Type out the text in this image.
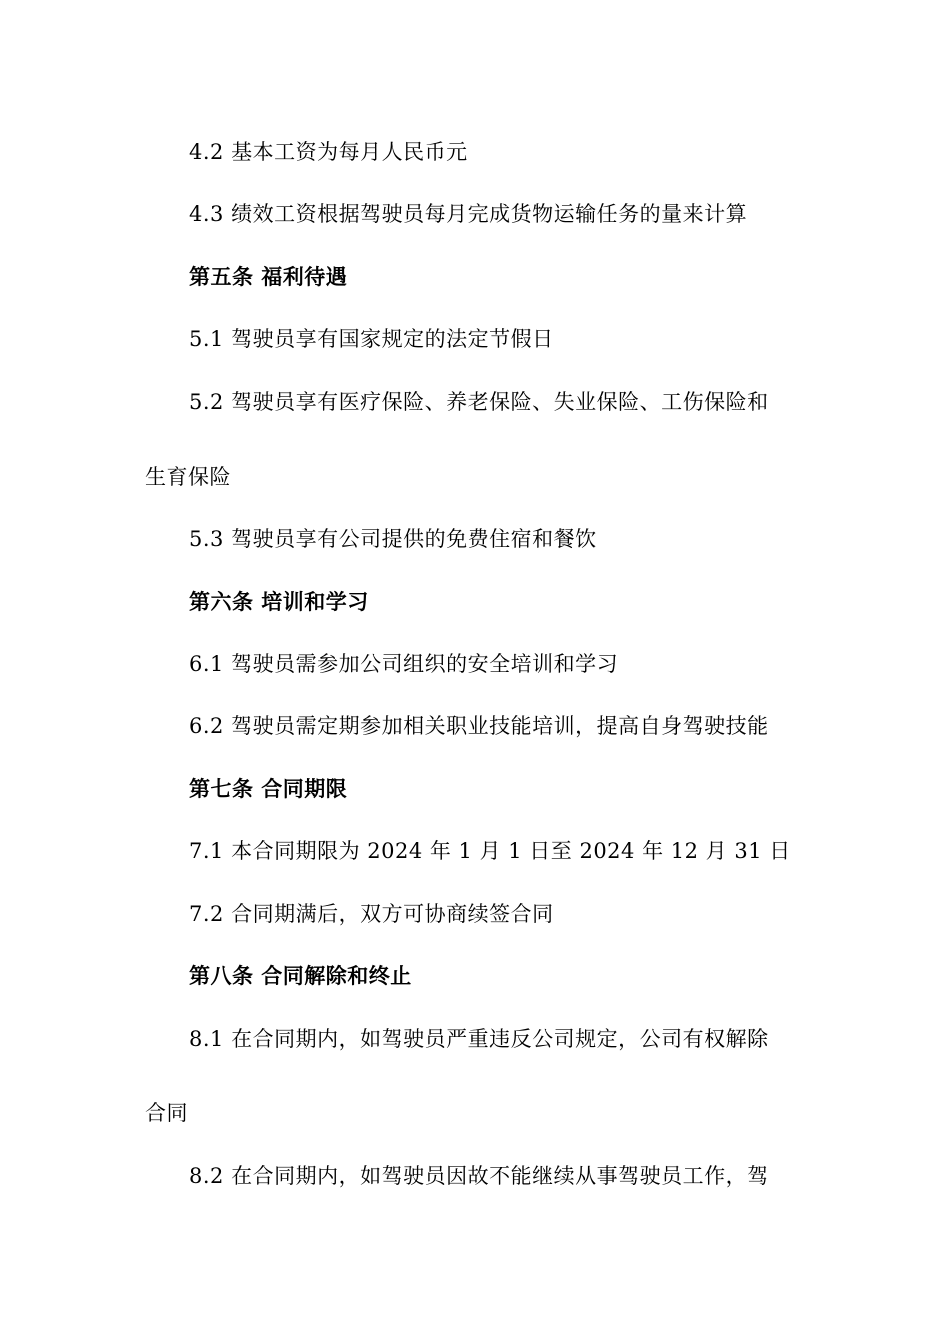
4.2 基本工资为每月人民币元
4.3 绩效工资根据驾驶员每月完成货物运输任务的量来计算
第五条 福利待遇
5.1 驾驶员享有国家规定的法定节假日
5.2 驾驶员享有医疗保险、养老保险、失业保险、工伤保险和
生育保险
5.3 驾驶员享有公司提供的免费住宿和餐饮
第六条 培训和学习
6.1 驾驶员需参加公司组织的安全培训和学习
6.2 驾驶员需定期参加相关职业技能培训，提高自身驾驶技能
第七条 合同期限
7.1 本合同期限为 2024 年 1 月 1 日至 2024 年 12 月 31 日
7.2 合同期满后，双方可协商续签合同
第八条 合同解除和终止
8.1 在合同期内，如驾驶员严重违反公司规定，公司有权解除
合同
8.2 在合同期内，如驾驶员因故不能继续从事驾驶员工作，驾
